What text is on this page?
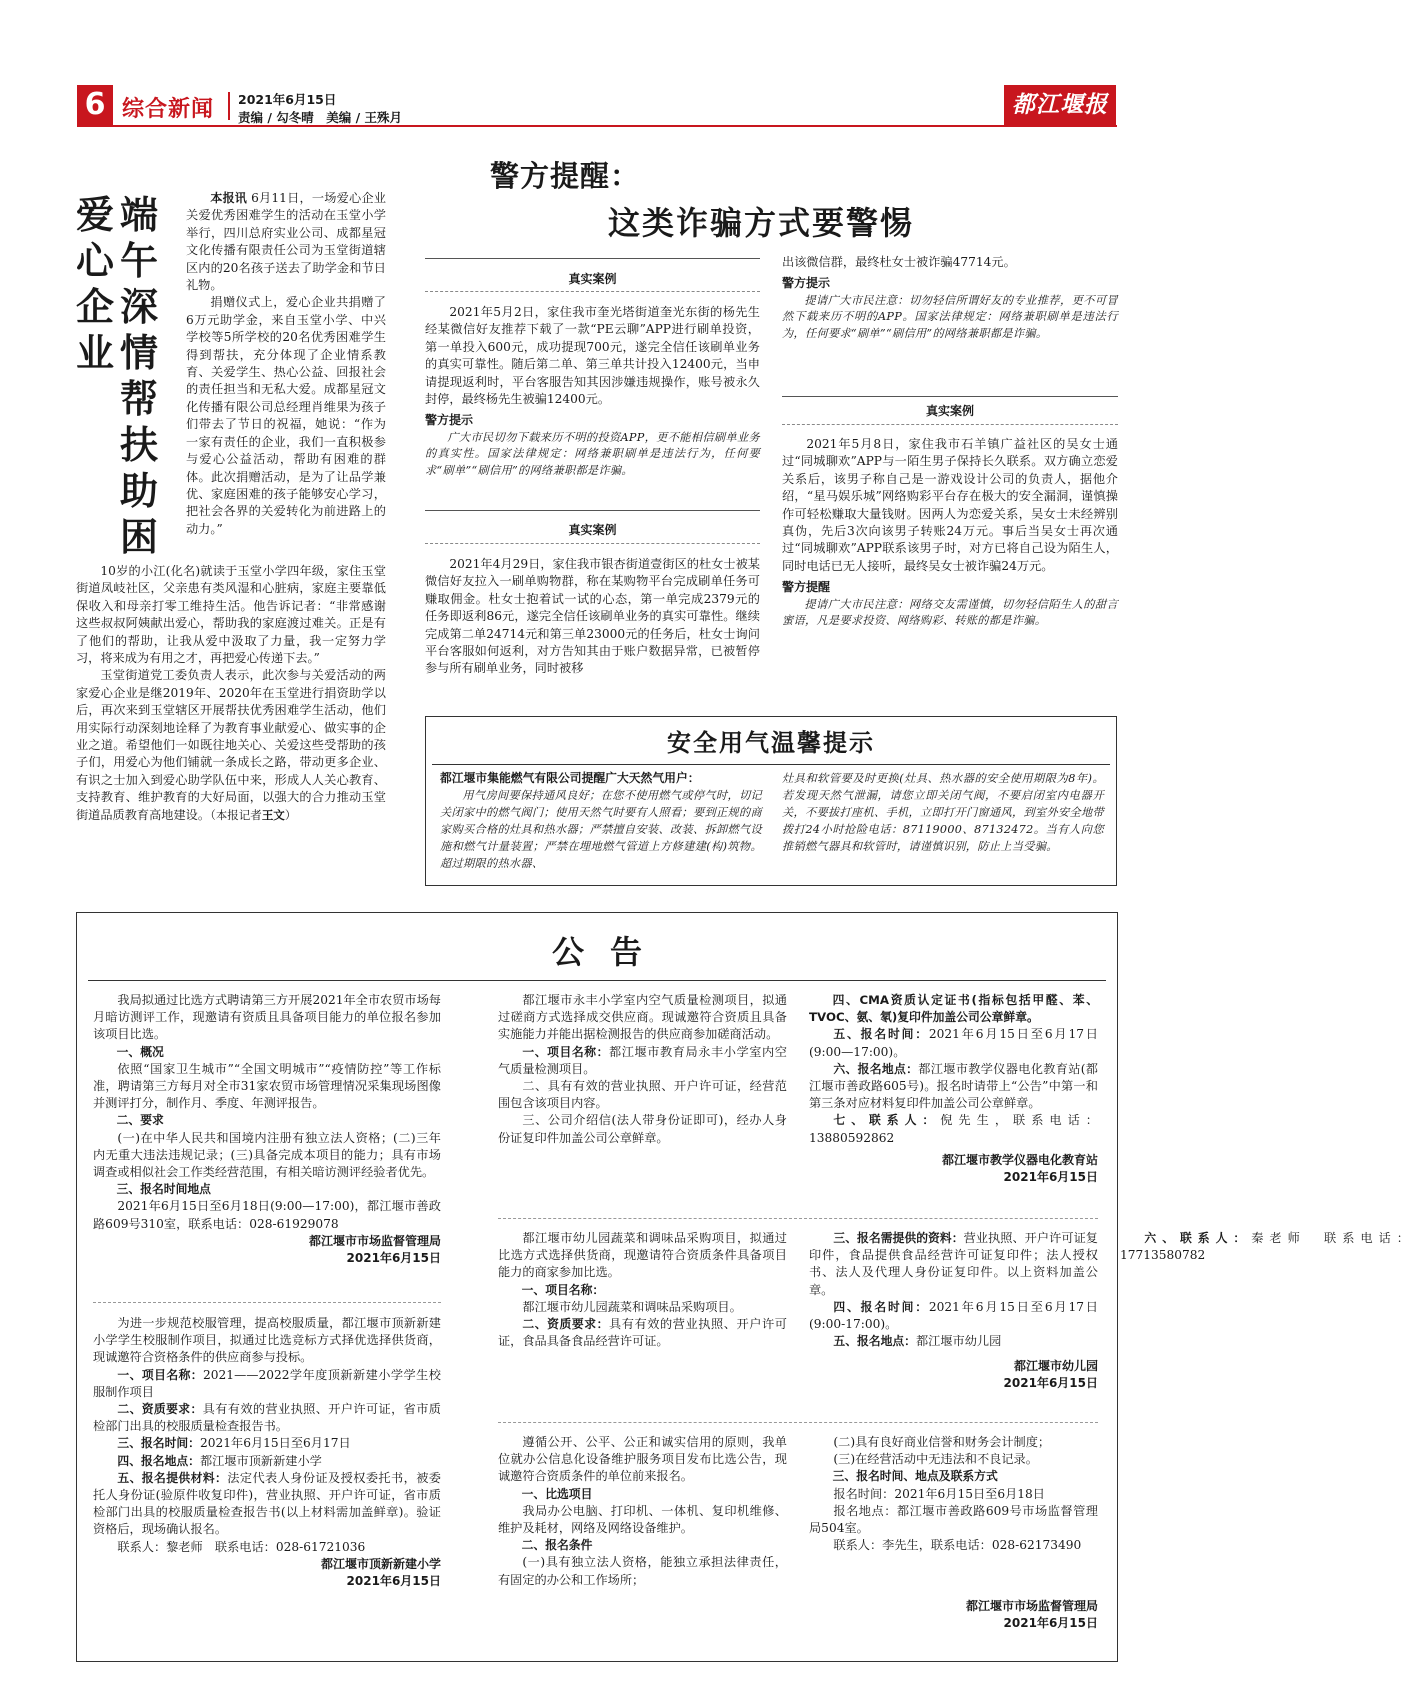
6 综合新闻 2021年6月15日
责编 / 勾冬晴　美编 / 王殊月	都江堰报
端午深情帮扶助困
爱心企业

本报讯 6月11日，一场爱心企业关爱优秀困难学生的活动在玉堂小学举行，四川总府实业公司、成都星冠文化传播有限责任公司为玉堂街道辖区内的20名孩子送去了助学金和节日礼物。

捐赠仪式上，爱心企业共捐赠了6万元助学金，来自玉堂小学、中兴学校等5所学校的20名优秀困难学生得到帮扶，充分体现了企业情系教育、关爱学生、热心公益、回报社会的责任担当和无私大爱。成都星冠文化传播有限公司总经理肖维果为孩子们带去了节日的祝福，她说：“作为一家有责任的企业，我们一直积极参与爱心公益活动，帮助有困难的群体。此次捐赠活动，是为了让品学兼优、家庭困难的孩子能够安心学习，把社会各界的关爱转化为前进路上的动力。”

10岁的小江(化名)就读于玉堂小学四年级，家住玉堂街道凤岐社区，父亲患有类风湿和心脏病，家庭主要靠低保收入和母亲打零工维持生活。他告诉记者：“非常感谢这些叔叔阿姨献出爱心，帮助我的家庭渡过难关。正是有了他们的帮助，让我从爱中汲取了力量，我一定努力学习，将来成为有用之才，再把爱心传递下去。”

玉堂街道党工委负责人表示，此次参与关爱活动的两家爱心企业是继2019年、2020年在玉堂进行捐资助学以后，再次来到玉堂辖区开展帮扶优秀困难学生活动，他们用实际行动深刻地诠释了为教育事业献爱心、做实事的企业之道。希望他们一如既往地关心、关爱这些受帮助的孩子们，用爱心为他们铺就一条成长之路，带动更多企业、有识之士加入到爱心助学队伍中来，形成人人关心教育、支持教育、维护教育的大好局面，以强大的合力推动玉堂街道品质教育高地建设。（本报记者王文）

警方提醒：
这类诈骗方式要警惕
真实案例

2021年5月2日，家住我市奎光塔街道奎光东街的杨先生经某微信好友推荐下载了一款“PE云聊”APP进行刷单投资，第一单投入600元，成功提现700元，遂完全信任该刷单业务的真实可靠性。随后第二单、第三单共计投入12400元，当申请提现返利时，平台客服告知其因涉嫌违规操作，账号被永久封停，最终杨先生被骗12400元。

警方提示

广大市民切勿下载来历不明的投资APP，更不能相信刷单业务的真实性。国家法律规定：网络兼职刷单是违法行为，任何要求“刷单”“刷信用”的网络兼职都是诈骗。

真实案例

2021年4月29日，家住我市银杏街道壹街区的杜女士被某微信好友拉入一刷单购物群，称在某购物平台完成刷单任务可赚取佣金。杜女士抱着试一试的心态，第一单完成2379元的任务即返利86元，遂完全信任该刷单业务的真实可靠性。继续完成第二单24714元和第三单23000元的任务后，杜女士询问平台客服如何返利，对方告知其由于账户数据异常，已被暂停参与所有刷单业务，同时被移

出该微信群，最终杜女士被诈骗47714元。
警方提示

提请广大市民注意：切勿轻信所谓好友的专业推荐，更不可冒然下载来历不明的APP。国家法律规定：网络兼职刷单是违法行为，任何要求“刷单”“刷信用”的网络兼职都是诈骗。

真实案例

2021年5月8日，家住我市石羊镇广益社区的吴女士通过“同城聊欢”APP与一陌生男子保持长久联系。双方确立恋爱关系后，该男子称自己是一游戏设计公司的负责人，据他介绍，“星马娱乐城”网络购彩平台存在极大的安全漏洞，谨慎操作可轻松赚取大量钱财。因两人为恋爱关系，吴女士未经辨别真伪，先后3次向该男子转账24万元。事后当吴女士再次通过“同城聊欢”APP联系该男子时，对方已将自己设为陌生人，同时电话已无人接听，最终吴女士被诈骗24万元。

警方提醒

提请广大市民注意：网络交友需谨慎，切勿轻信陌生人的甜言蜜语，凡是要求投资、网络购彩、转账的都是诈骗。

安全用气温馨提示
都江堰市集能燃气有限公司提醒广大天然气用户：

用气房间要保持通风良好；在您不使用燃气或停气时，切记关闭家中的燃气阀门；使用天然气时要有人照看；要到正规的商家购买合格的灶具和热水器；严禁擅自安装、改装、拆卸燃气设施和燃气计量装置；严禁在埋地燃气管道上方修建建(构)筑物。超过期限的热水器、

灶具和软管要及时更换(灶具、热水器的安全使用期限为8年)。若发现天然气泄漏，请您立即关闭气阀，不要启闭室内电器开关，不要拔打座机、手机，立即打开门窗通风，到室外安全地带拨打24小时抢险电话：87119000、87132472。当有人向您推销燃气器具和软管时，请谨慎识别，防止上当受骗。

公告

我局拟通过比选方式聘请第三方开展2021年全市农贸市场每月暗访测评工作，现邀请有资质且具备项目能力的单位报名参加该项目比选。

一、概况

依照“国家卫生城市”“全国文明城市”“疫情防控”等工作标准，聘请第三方每月对全市31家农贸市场管理情况采集现场图像并测评打分，制作月、季度、年测评报告。

二、要求

(一)在中华人民共和国境内注册有独立法人资格；(二)三年内无重大违法违规记录；(三)具备完成本项目的能力；具有市场调查或相似社会工作类经营范围，有相关暗访测评经验者优先。

三、报名时间地点

2021年6月15日至6月18日(9:00—17:00)，都江堰市善政路609号310室，联系电话：028-61929078

都江堰市市场监督管理局
2021年6月15日

都江堰市永丰小学室内空气质量检测项目，拟通过磋商方式选择成交供应商。现诚邀符合资质且具备实施能力并能出据检测报告的供应商参加磋商活动。

一、项目名称：都江堰市教育局永丰小学室内空气质量检测项目。

二、具有有效的营业执照、开户许可证，经营范围包含该项目内容。

三、公司介绍信(法人带身份证即可)，经办人身份证复印件加盖公司公章鲜章。

四、CMA资质认定证书(指标包括甲醛、苯、TVOC、氨、氡)复印件加盖公司公章鲜章。

五、报名时间：2021年6月15日至6月17日(9:00—17:00)。

六、报名地点：都江堰市教学仪器电化教育站(都江堰市善政路605号)。报名时请带上“公告”中第一和第三条对应材料复印件加盖公司公章鲜章。

七、联系人：倪先生，联系电话：13880592862

都江堰市教学仪器电化教育站
2021年6月15日

为进一步规范校服管理，提高校服质量，都江堰市顶新新建小学学生校服制作项目，拟通过比选竞标方式择优选择供货商，现诚邀符合资格条件的供应商参与投标。

一、项目名称：2021——2022学年度顶新新建小学学生校服制作项目

二、资质要求：具有有效的营业执照、开户许可证，省市质检部门出具的校服质量检查报告书。

三、报名时间：2021年6月15日至6月17日

四、报名地点：都江堰市顶新新建小学

五、报名提供材料：法定代表人身份证及授权委托书，被委托人身份证(验原件收复印件)，营业执照、开户许可证，省市质检部门出具的校服质量检查报告书(以上材料需加盖鲜章)。验证资格后，现场确认报名。

联系人：黎老师　联系电话：028-61721036

都江堰市顶新新建小学
2021年6月15日

都江堰市幼儿园蔬菜和调味品采购项目，拟通过比选方式选择供货商，现邀请符合资质条件具备项目能力的商家参加比选。

一、项目名称：

都江堰市幼儿园蔬菜和调味品采购项目。

二、资质要求：具有有效的营业执照、开户许可证，食品具备食品经营许可证。

三、报名需提供的资料：营业执照、开户许可证复印件，食品提供食品经营许可证复印件；法人授权书、法人及代理人身份证复印件。以上资料加盖公章。

四、报名时间：2021年6月15日至6月17日(9:00-17:00)。

五、报名地点：都江堰市幼儿园

六、联系人：秦老师　联系电话：17713580782

都江堰市幼儿园
2021年6月15日

遵循公开、公平、公正和诚实信用的原则，我单位就办公信息化设备维护服务项目发布比选公告，现诚邀符合资质条件的单位前来报名。

一、比选项目

我局办公电脑、打印机、一体机、复印机维修、维护及耗材，网络及网络设备维护。

二、报名条件

(一)具有独立法人资格，能独立承担法律责任，有固定的办公和工作场所；

(二)具有良好商业信誉和财务会计制度；

(三)在经营活动中无违法和不良记录。

三、报名时间、地点及联系方式

报名时间：2021年6月15日至6月18日

报名地点：都江堰市善政路609号市场监督管理局504室。

联系人：李先生，联系电话：028-62173490

都江堰市市场监督管理局
2021年6月15日
